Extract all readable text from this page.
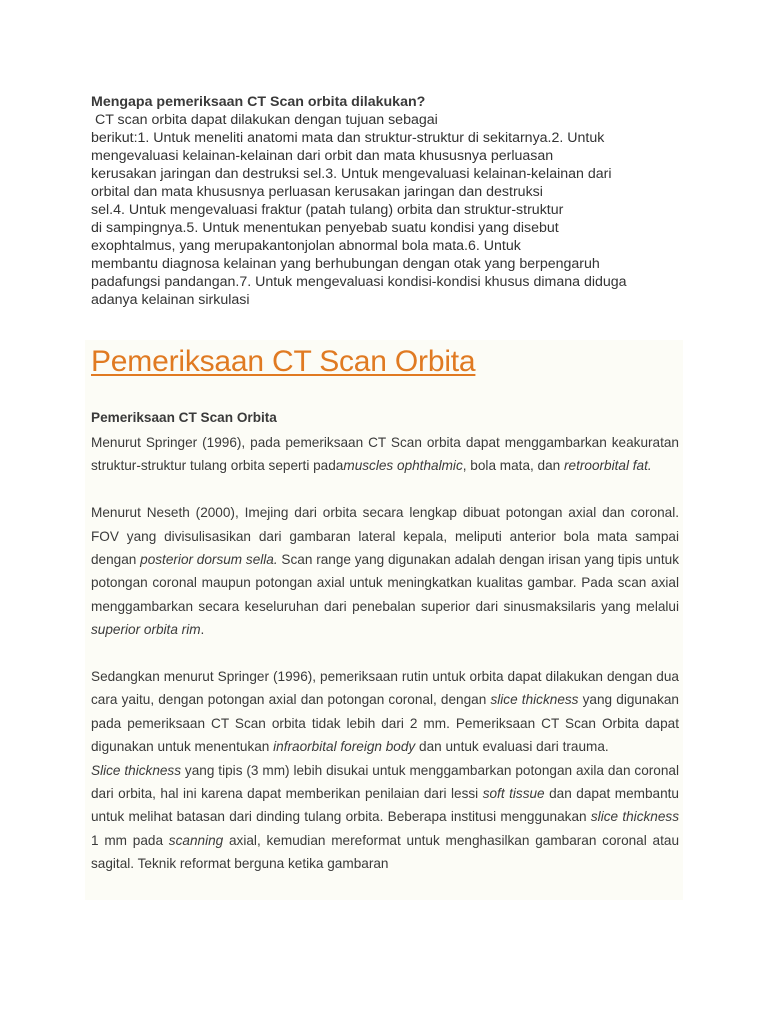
Mengapa pemeriksaan CT Scan orbita dilakukan?
CT scan orbita dapat dilakukan dengan tujuan sebagai
berikut:1. Untuk meneliti anatomi mata dan struktur-struktur di sekitarnya.2. Untuk
mengevaluasi kelainan-kelainan dari orbit dan mata khususnya perluasan
kerusakan jaringan dan destruksi sel.3. Untuk mengevaluasi kelainan-kelainan dari
orbital dan mata khususnya perluasan kerusakan jaringan dan destruksi
sel.4. Untuk mengevaluasi fraktur (patah tulang) orbita dan struktur-struktur
di sampingnya.5. Untuk menentukan penyebab suatu kondisi yang disebut
exophtalmus, yang merupakantonjolan abnormal bola mata.6. Untuk
membantu diagnosa kelainan yang berhubungan dengan otak yang berpengaruh
padafungsi pandangan.7. Untuk mengevaluasi kondisi-kondisi khusus dimana diduga
adanya kelainan sirkulasi
Pemeriksaan CT Scan Orbita
Pemeriksaan CT Scan Orbita

Menurut Springer (1996), pada pemeriksaan CT Scan orbita dapat menggambarkan keakuratan struktur-struktur tulang orbita seperti padamuscles ophthalmic, bola mata, dan retroorbital fat.

Menurut Neseth (2000), Imejing dari orbita secara lengkap dibuat potongan axial dan coronal. FOV yang divisulisasikan dari gambaran lateral kepala, meliputi anterior bola mata sampai dengan posterior dorsum sella. Scan range yang digunakan adalah dengan irisan yang tipis untuk potongan coronal maupun potongan axial untuk meningkatkan kualitas gambar. Pada scan axial menggambarkan secara keseluruhan dari penebalan superior dari sinusmaksilaris yang melalui superior orbita rim.

Sedangkan menurut Springer (1996), pemeriksaan rutin untuk orbita dapat dilakukan dengan dua cara yaitu, dengan potongan axial dan potongan coronal, dengan slice thickness yang digunakan pada pemeriksaan CT Scan orbita tidak lebih dari 2 mm. Pemeriksaan CT Scan Orbita dapat digunakan untuk menentukan infraorbital foreign body dan untuk evaluasi dari trauma.

Slice thickness yang tipis (3 mm) lebih disukai untuk menggambarkan potongan axila dan coronal dari orbita, hal ini karena dapat memberikan penilaian dari lessi soft tissue dan dapat membantu untuk melihat batasan dari dinding tulang orbita. Beberapa institusi menggunakan slice thickness 1 mm pada scanning axial, kemudian mereformat untuk menghasilkan gambaran coronal atau sagital. Teknik reformat berguna ketika gambaran
